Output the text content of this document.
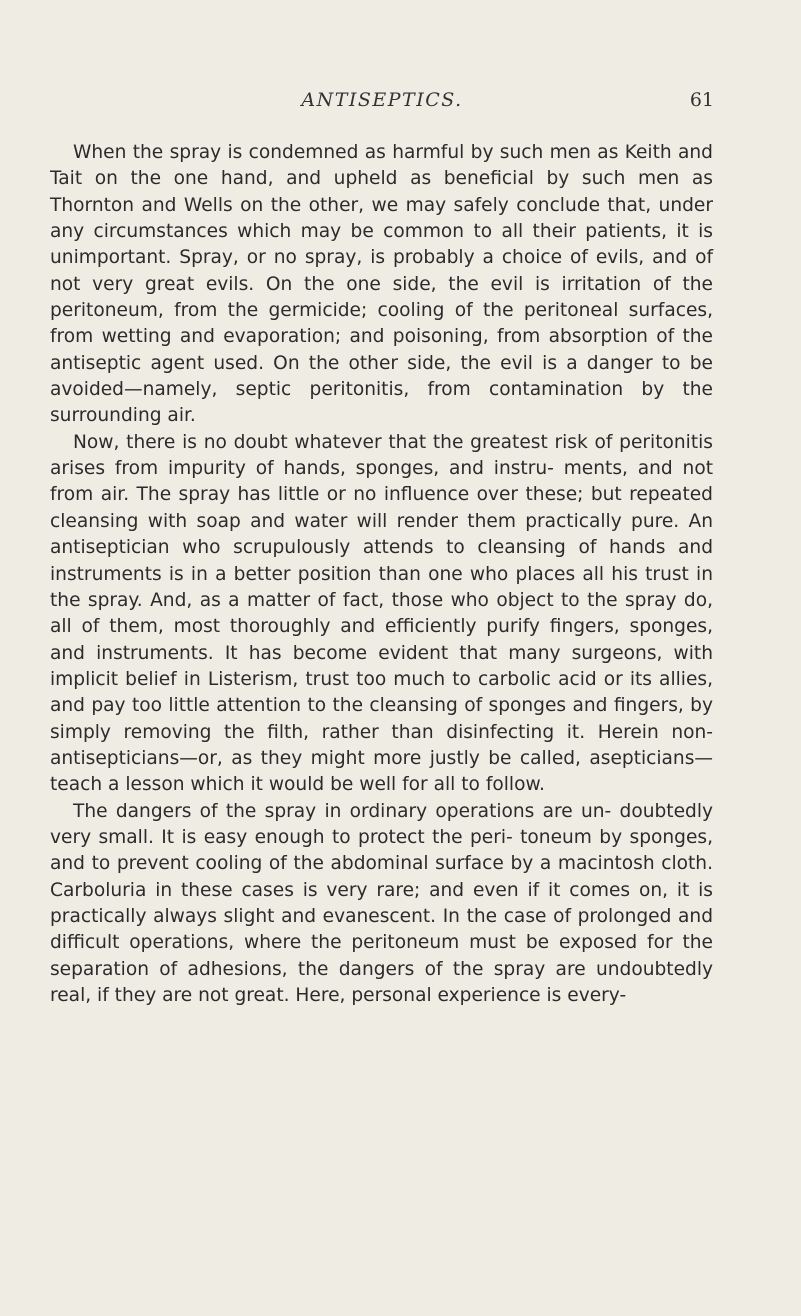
ANTISEPTICS.	61

When the spray is condemned as harmful by such men as Keith and Tait on the one hand, and upheld as beneficial by such men as Thornton and Wells on the other, we may safely conclude that, under any circumstances which may be common to all their patients, it is unimportant. Spray, or no spray, is probably a choice of evils, and of not very great evils. On the one side, the evil is irritation of the peritoneum, from the germicide; cooling of the peritoneal surfaces, from wetting and evaporation; and poisoning, from absorption of the antiseptic agent used. On the other side, the evil is a danger to be avoided—namely, septic peritonitis, from contamination by the surrounding air.

Now, there is no doubt whatever that the greatest risk of peritonitis arises from impurity of hands, sponges, and instru- ments, and not from air. The spray has little or no influence over these; but repeated cleansing with soap and water will render them practically pure. An antiseptician who scrupulously attends to cleansing of hands and instruments is in a better position than one who places all his trust in the spray. And, as a matter of fact, those who object to the spray do, all of them, most thoroughly and efficiently purify fingers, sponges, and instruments. It has become evident that many surgeons, with implicit belief in Listerism, trust too much to carbolic acid or its allies, and pay too little attention to the cleansing of sponges and fingers, by simply removing the filth, rather than disinfecting it. Herein non-antisepticians—or, as they might more justly be called, asepticians—teach a lesson which it would be well for all to follow.

The dangers of the spray in ordinary operations are un- doubtedly very small. It is easy enough to protect the peri- toneum by sponges, and to prevent cooling of the abdominal surface by a macintosh cloth. Carboluria in these cases is very rare; and even if it comes on, it is practically always slight and evanescent. In the case of prolonged and difficult operations, where the peritoneum must be exposed for the separation of adhesions, the dangers of the spray are undoubtedly real, if they are not great. Here, personal experience is every-
